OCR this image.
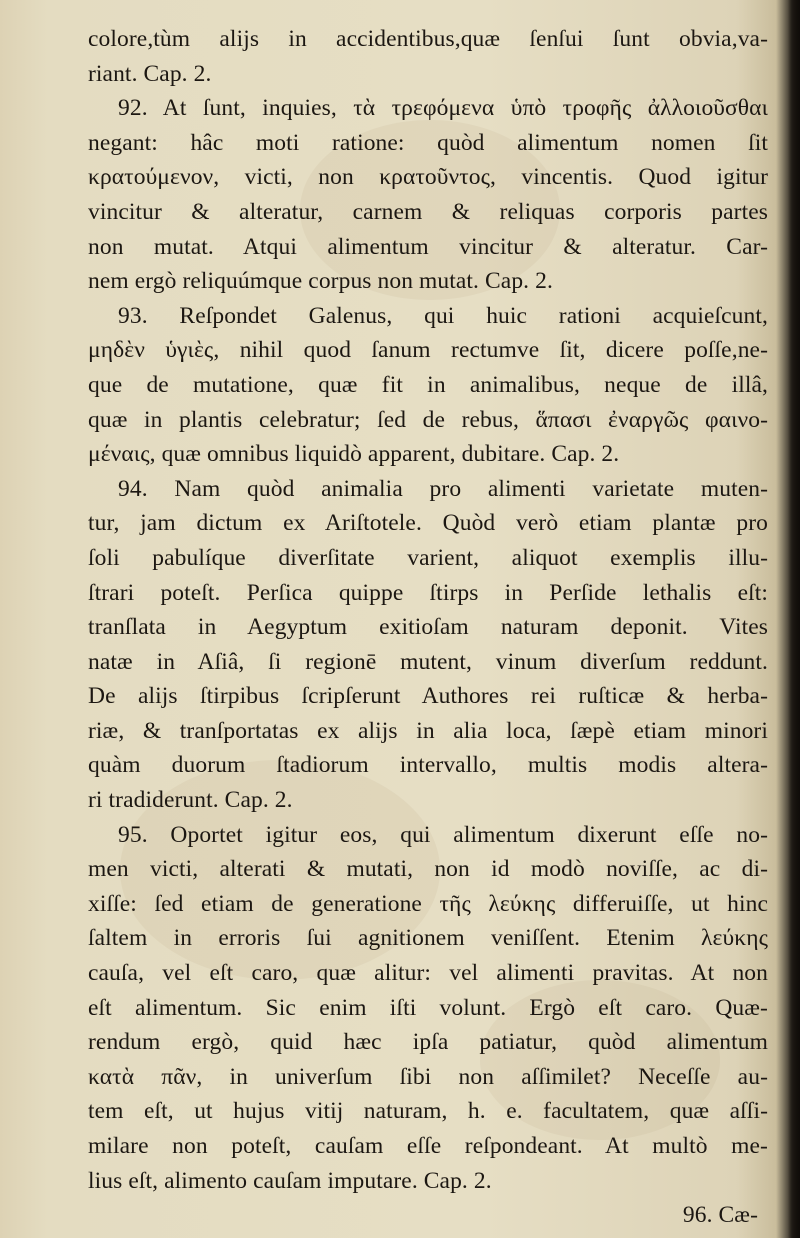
colore,tùm alijs in accidentibus,quæ ſenſui ſunt obvia,va-
riant. Cap. 2.
92. At ſunt, inquies, τὰ τρεφόμενα ὑπὸ τροφῆς ἀλλοιοῦσθαι
negant: hâc moti ratione: quòd alimentum nomen ſit
κρατούμενον, victi, non κρατοῦντος, vincentis. Quod igitur
vincitur & alteratur, carnem & reliquas corporis partes
non mutat. Atqui alimentum vincitur & alteratur. Car-
nem ergò reliquúmque corpus non mutat. Cap. 2.
93. Reſpondet Galenus, qui huic rationi acquieſcunt,
μηδὲν ὑγιὲς, nihil quod ſanum rectumve ſit, dicere poſſe,ne-
que de mutatione, quæ fit in animalibus, neque de illâ,
quæ in plantis celebratur; ſed de rebus, ἅπασι ἐναργῶς φαινο-
μέναις, quæ omnibus liquidò apparent, dubitare. Cap. 2.
94. Nam quòd animalia pro alimenti varietate muten-
tur, jam dictum ex Ariſtotele. Quòd verò etiam plantæ pro
ſoli pabulíque diverſitate varient, aliquot exemplis illu-
ſtrari poteſt. Perſica quippe ſtirps in Perſide lethalis eſt:
tranſlata in Aegyptum exitioſam naturam deponit. Vites
natæ in Aſiâ, ſi regionē mutent, vinum diverſum reddunt.
De alijs ſtirpibus ſcripſerunt Authores rei ruſticæ & herba-
riæ, & tranſportatas ex alijs in alia loca, ſæpè etiam minori
quàm duorum ſtadiorum intervallo, multis modis altera-
ri tradiderunt. Cap. 2.
95. Oportet igitur eos, qui alimentum dixerunt eſſe no-
men victi, alterati & mutati, non id modò noviſſe, ac di-
xiſſe: ſed etiam de generatione τῆς λεύκης differuiſſe, ut hinc
ſaltem in erroris ſui agnitionem veniſſent. Etenim λεύκης
cauſa, vel eſt caro, quæ alitur: vel alimenti pravitas. At non
eſt alimentum. Sic enim iſti volunt. Ergò eſt caro. Quæ-
rendum ergò, quid hæc ipſa patiatur, quòd alimentum
κατὰ πᾶν, in univerſum ſibi non aſſimilet? Neceſſe au-
tem eſt, ut hujus vitij naturam, h. e. facultatem, quæ aſſi-
milare non poteſt, cauſam eſſe reſpondeant. At multò me-
lius eſt, alimento cauſam imputare. Cap. 2.
96. Cæ-
